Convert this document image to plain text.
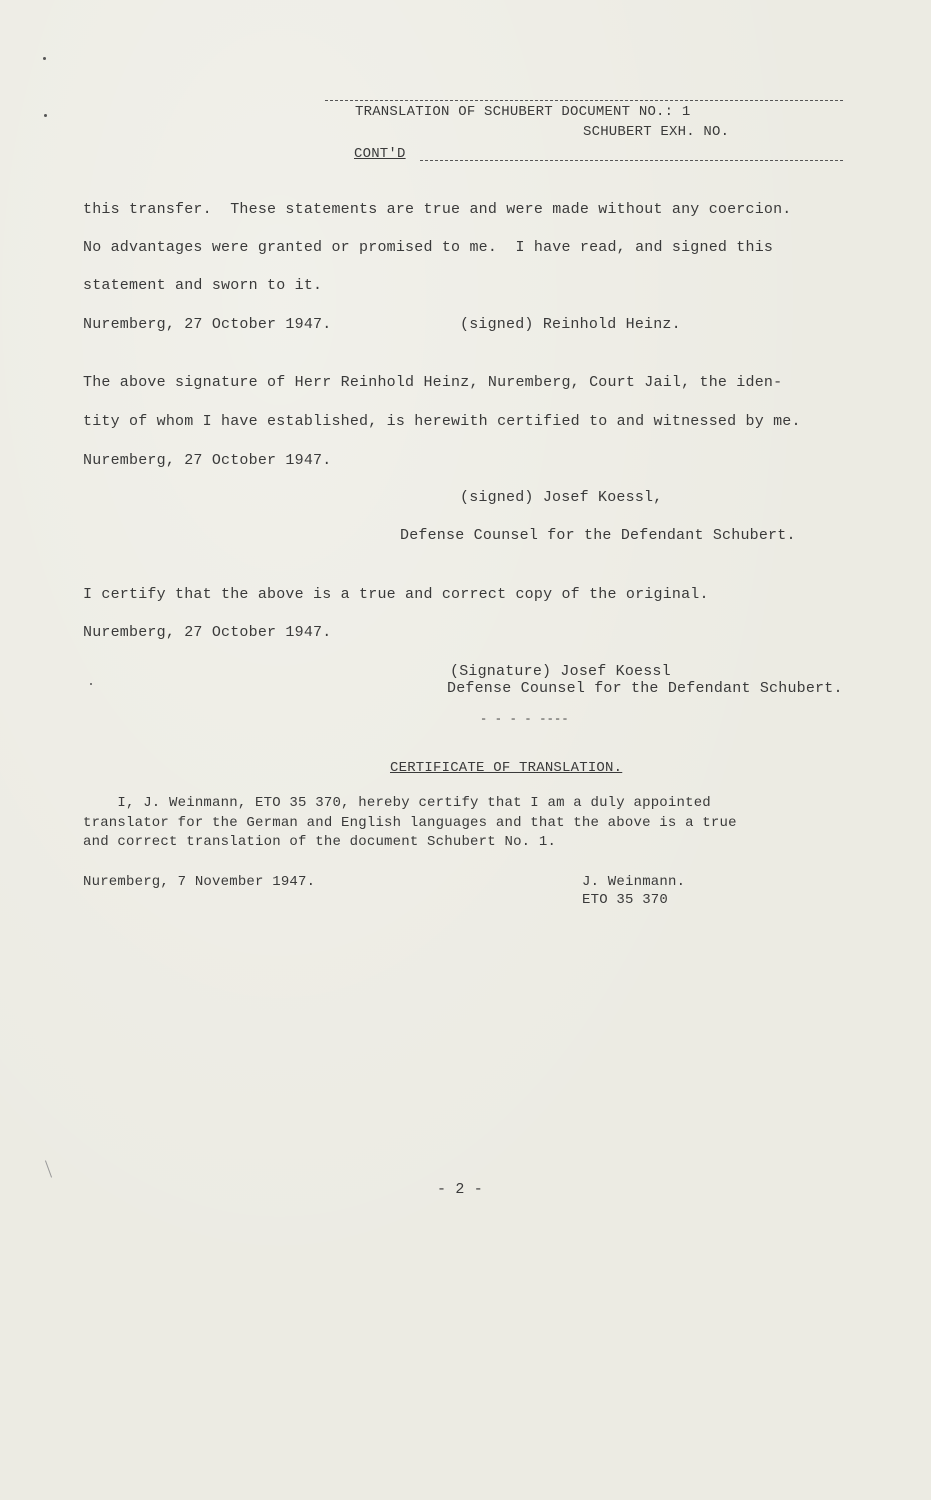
TRANSLATION OF SCHUBERT DOCUMENT NO.: 1
SCHUBERT EXH. NO.
CONT'D
this transfer.  These statements are true and were made without any coercion.
No advantages were granted or promised to me.  I have read, and signed this
statement and sworn to it.
Nuremberg, 27 October 1947.	(signed) Reinhold Heinz.
The above signature of Herr Reinhold Heinz, Nuremberg, Court Jail, the iden-
tity of whom I have established, is herewith certified to and witnessed by me.
Nuremberg, 27 October 1947.
(signed) Josef Koessl,
Defense Counsel for the Defendant Schubert.
I certify that the above is a true and correct copy of the original.
Nuremberg, 27 October 1947.
(Signature) Josef Koessl
Defense Counsel for the Defendant Schubert.
- - - - ----
CERTIFICATE OF TRANSLATION.
I, J. Weinmann, ETO 35 370, hereby certify that I am a duly appointed
translator for the German and English languages and that the above is a true
and correct translation of the document Schubert No. 1.
Nuremberg, 7 November 1947.	J. Weinmann.
ETO 35 370
- 2 -
